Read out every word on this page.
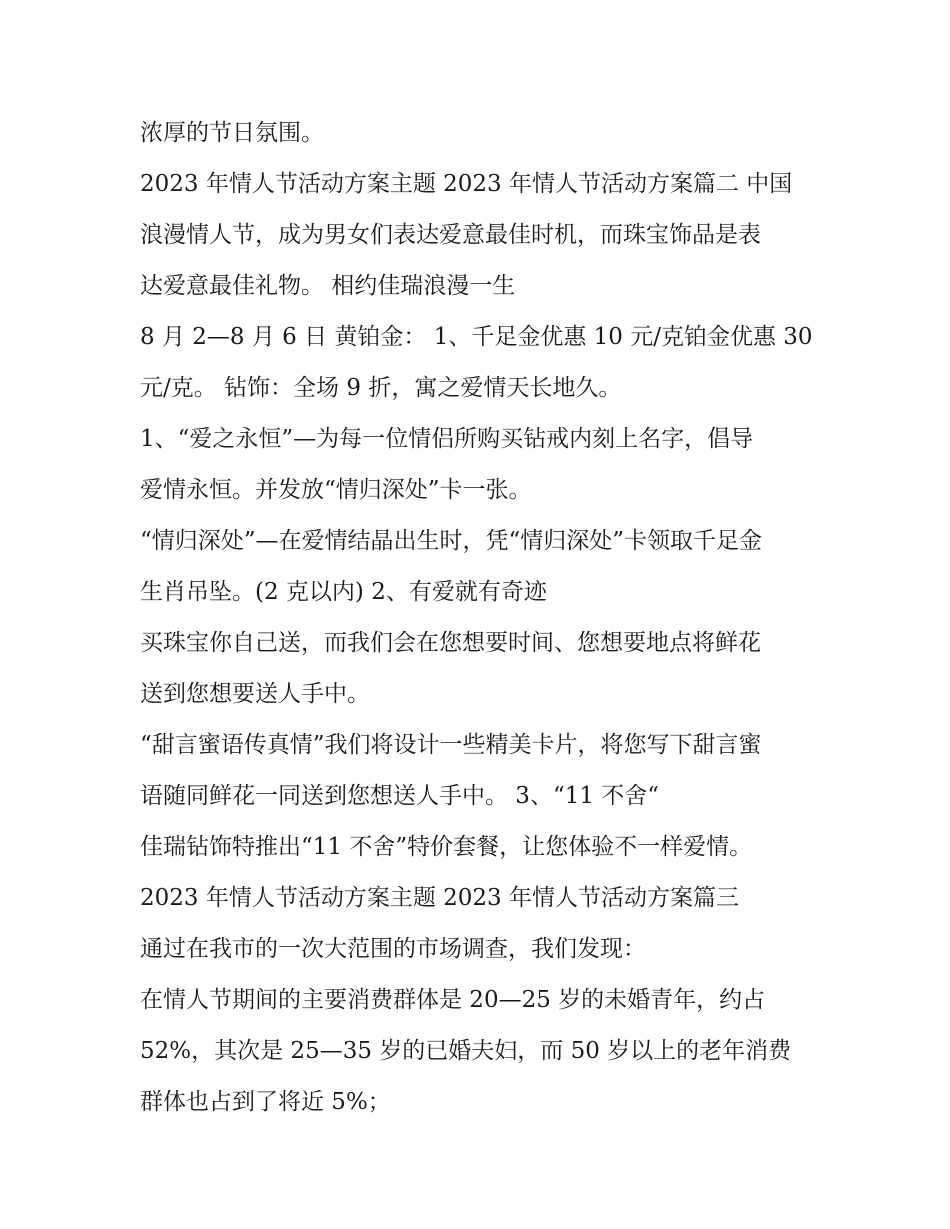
浓厚的节日氛围。
2023 年情人节活动方案主题 2023 年情人节活动方案篇二 中国
浪漫情人节，成为男女们表达爱意最佳时机，而珠宝饰品是表
达爱意最佳礼物。 相约佳瑞浪漫一生
8 月 2—8 月 6 日 黄铂金： 1、千足金优惠 10 元/克铂金优惠 30
元/克。 钻饰：全场 9 折，寓之爱情天长地久。
1、“爱之永恒”—为每一位情侣所购买钻戒内刻上名字，倡导
爱情永恒。并发放“情归深处”卡一张。
“情归深处”—在爱情结晶出生时，凭“情归深处”卡领取千足金
生肖吊坠。(2 克以内) 2、有爱就有奇迹
买珠宝你自己送，而我们会在您想要时间、您想要地点将鲜花
送到您想要送人手中。
“甜言蜜语传真情”我们将设计一些精美卡片，将您写下甜言蜜
语随同鲜花一同送到您想送人手中。 3、“11 不舍“
佳瑞钻饰特推出“11 不舍”特价套餐，让您体验不一样爱情。
2023 年情人节活动方案主题 2023 年情人节活动方案篇三
通过在我市的一次大范围的市场调查，我们发现：
在情人节期间的主要消费群体是 20—25 岁的未婚青年，约占
52%，其次是 25—35 岁的已婚夫妇，而 50 岁以上的老年消费
群体也占到了将近 5%；
